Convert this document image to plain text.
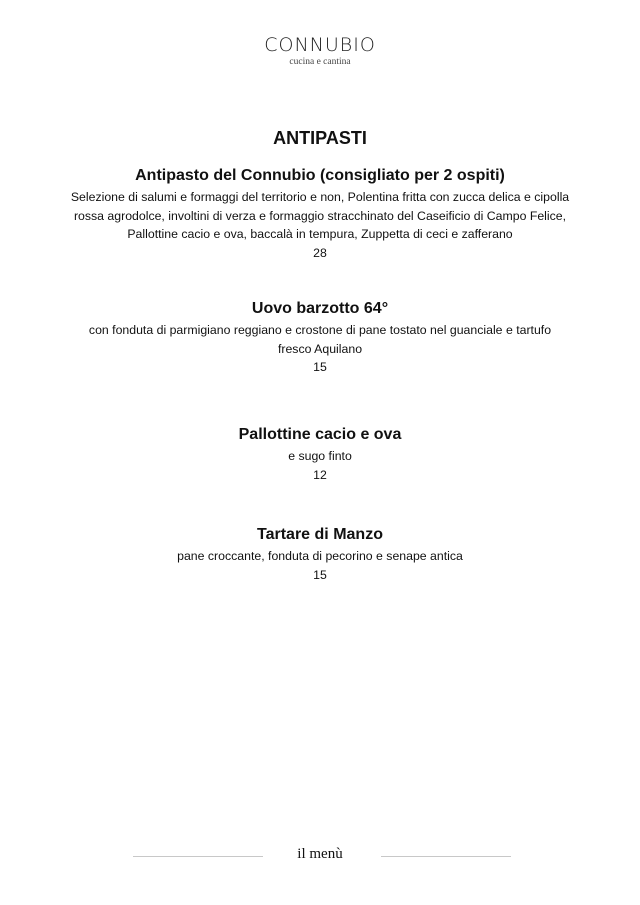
CONNUBIO
cucina e cantina
ANTIPASTI
Antipasto del Connubio (consigliato per 2 ospiti)
Selezione di salumi e formaggi del territorio e non, Polentina fritta con zucca delica e cipolla rossa agrodolce, involtini di verza e formaggio stracchinato del Caseificio di Campo Felice, Pallottine cacio e ova, baccalà in tempura, Zuppetta di ceci e zafferano
28
Uovo barzotto 64°
con fonduta di parmigiano reggiano e crostone di pane tostato nel guanciale e tartufo fresco Aquilano
15
Pallottine cacio e ova
e sugo finto
12
Tartare di Manzo
pane croccante, fonduta di pecorino e senape antica
15
il menù
